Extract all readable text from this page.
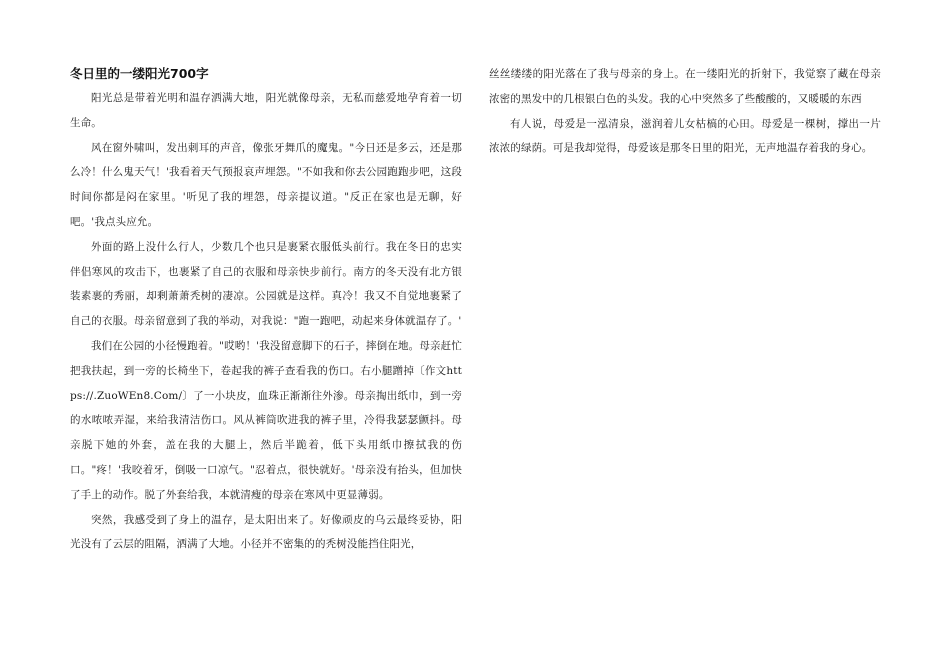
冬日里的一缕阳光700字

阳光总是带着光明和温存洒满大地，阳光就像母亲，无私而慈爱地孕育着一切生命。

风在窗外啸叫，发出刺耳的声音，像张牙舞爪的魔鬼。"今日还是多云，还是那么冷！什么鬼天气！'我看着天气预报哀声埋怨。"不如我和你去公园跑跑步吧，这段时间你都是闷在家里。'听见了我的埋怨，母亲提议道。"反正在家也是无聊，好吧。'我点头应允。

外面的路上没什么行人，少数几个也只是裹紧衣服低头前行。我在冬日的忠实伴侣寒风的攻击下，也裹紧了自己的衣服和母亲快步前行。南方的冬天没有北方银装素裹的秀丽，却剩萧萧秃树的凄凉。公园就是这样。真冷！我又不自觉地裹紧了自己的衣服。母亲留意到了我的举动，对我说："跑一跑吧，动起来身体就温存了。'

我们在公园的小径慢跑着。"哎哟！'我没留意脚下的石子，摔倒在地。母亲赶忙把我扶起，到一旁的长椅坐下，卷起我的裤子查看我的伤口。右小腿蹭掉〔作文https://.ZuoWEn8.Com/〕了一小块皮，血珠正渐渐往外渗。母亲掏出纸巾，到一旁的水哝哝弄湿，来给我清洁伤口。风从裤筒吹进我的裤子里，冷得我瑟瑟颤抖。母亲脱下她的外套，盖在我的大腿上，然后半跪着，低下头用纸巾擦拭我的伤口。"疼！'我咬着牙，倒吸一口凉气。"忍着点，很快就好。'母亲没有抬头，但加快了手上的动作。脱了外套给我，本就清瘦的母亲在寒风中更显薄弱。

突然，我感受到了身上的温存，是太阳出来了。好像顽皮的乌云最终妥协，阳光没有了云层的阻隔，洒满了大地。小径并不密集的的秃树没能挡住阳光，

丝丝缕缕的阳光落在了我与母亲的身上。在一缕阳光的折射下，我觉察了藏在母亲浓密的黑发中的几根银白色的头发。我的心中突然多了些酸酸的，又暖暖的东西

有人说，母爱是一泓清泉，滋润着儿女枯槁的心田。母爱是一棵树，撑出一片浓浓的绿荫。可是我却觉得，母爱该是那冬日里的阳光，无声地温存着我的身心。
